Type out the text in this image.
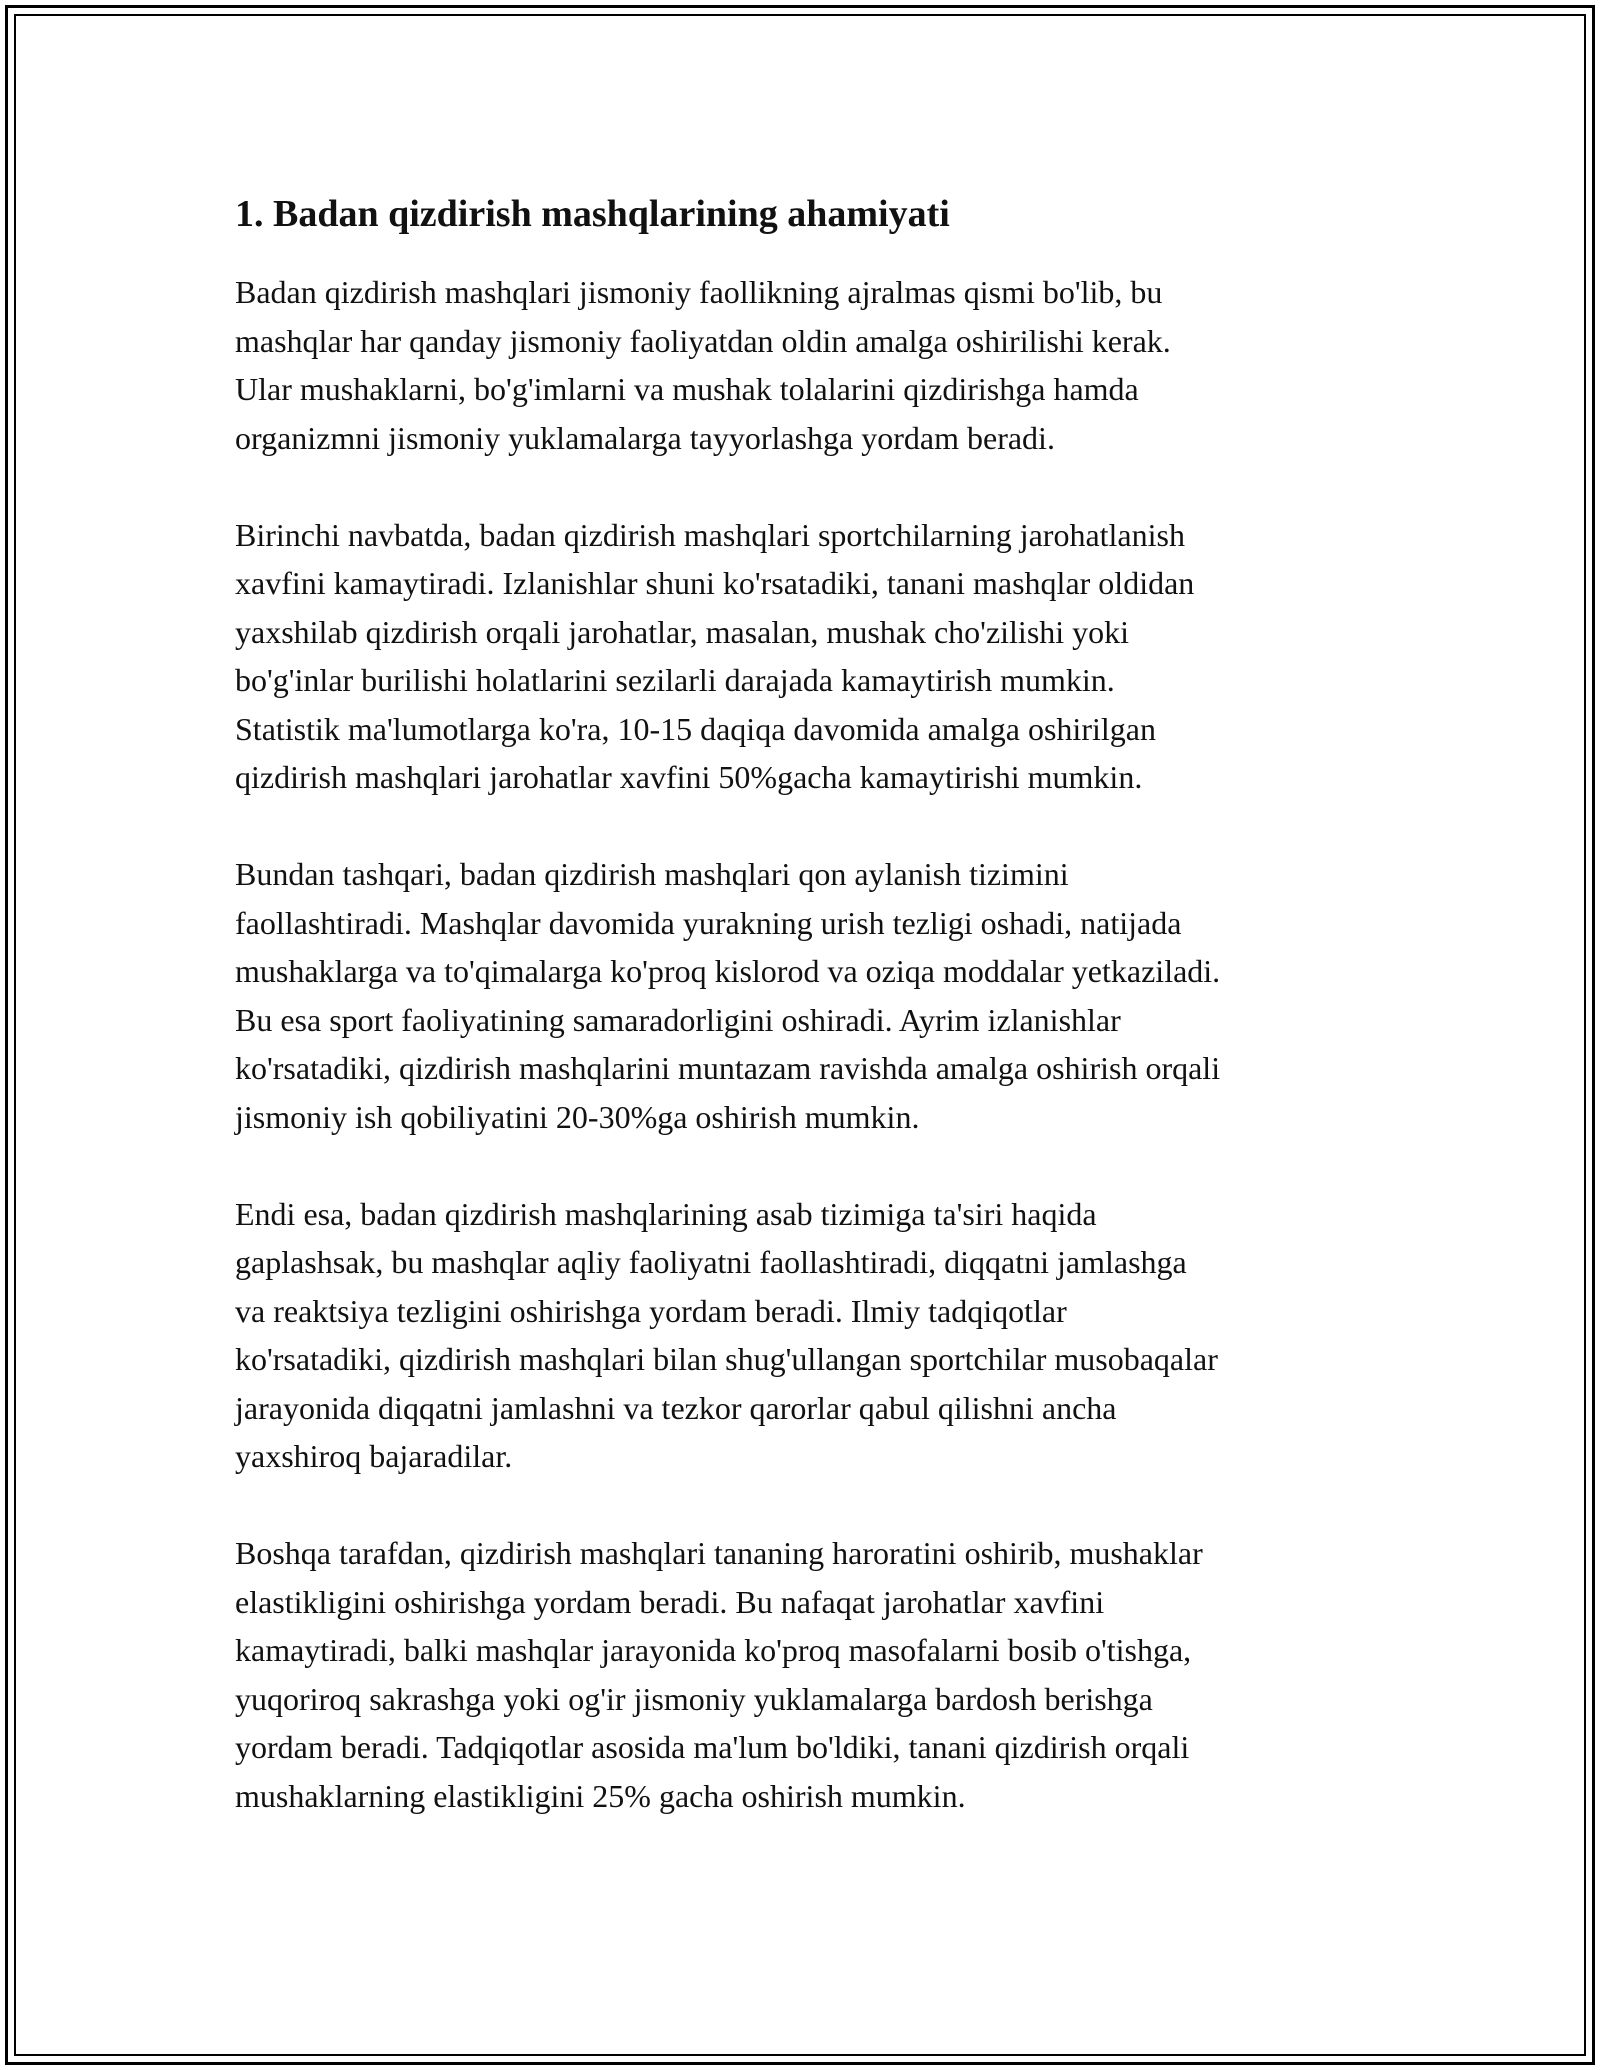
1. Badan qizdirish mashqlarining ahamiyati
Badan qizdirish mashqlari jismoniy faollikning ajralmas qismi bo'lib, bu
mashqlar har qanday jismoniy faoliyatdan oldin amalga oshirilishi kerak.
Ular mushaklarni, bo'g'imlarni va mushak tolalarini qizdirishga hamda
organizmni jismoniy yuklamalarga tayyorlashga yordam beradi.
Birinchi navbatda, badan qizdirish mashqlari sportchilarning jarohatlanish
xavfini kamaytiradi. Izlanishlar shuni ko'rsatadiki, tanani mashqlar oldidan
yaxshilab qizdirish orqali jarohatlar, masalan, mushak cho'zilishi yoki
bo'g'inlar burilishi holatlarini sezilarli darajada kamaytirish mumkin.
Statistik ma'lumotlarga ko'ra, 10-15 daqiqa davomida amalga oshirilgan
qizdirish mashqlari jarohatlar xavfini 50%gacha kamaytirishi mumkin.
Bundan tashqari, badan qizdirish mashqlari qon aylanish tizimini
faollashtiradi. Mashqlar davomida yurakning urish tezligi oshadi, natijada
mushaklarga va to'qimalarga ko'proq kislorod va oziqa moddalar yetkaziladi.
Bu esa sport faoliyatining samaradorligini oshiradi. Ayrim izlanishlar
ko'rsatadiki, qizdirish mashqlarini muntazam ravishda amalga oshirish orqali
jismoniy ish qobiliyatini 20-30%ga oshirish mumkin.
Endi esa, badan qizdirish mashqlarining asab tizimiga ta'siri haqida
gaplashsak, bu mashqlar aqliy faoliyatni faollashtiradi, diqqatni jamlashga
va reaktsiya tezligini oshirishga yordam beradi. Ilmiy tadqiqotlar
ko'rsatadiki, qizdirish mashqlari bilan shug'ullangan sportchilar musobaqalar
jarayonida diqqatni jamlashni va tezkor qarorlar qabul qilishni ancha
yaxshiroq bajaradilar.
Boshqa tarafdan, qizdirish mashqlari tananing haroratini oshirib, mushaklar
elastikligini oshirishga yordam beradi. Bu nafaqat jarohatlar xavfini
kamaytiradi, balki mashqlar jarayonida ko'proq masofalarni bosib o'tishga,
yuqoriroq sakrashga yoki og'ir jismoniy yuklamalarga bardosh berishga
yordam beradi. Tadqiqotlar asosida ma'lum bo'ldiki, tanani qizdirish orqali
mushaklarning elastikligini 25% gacha oshirish mumkin.
